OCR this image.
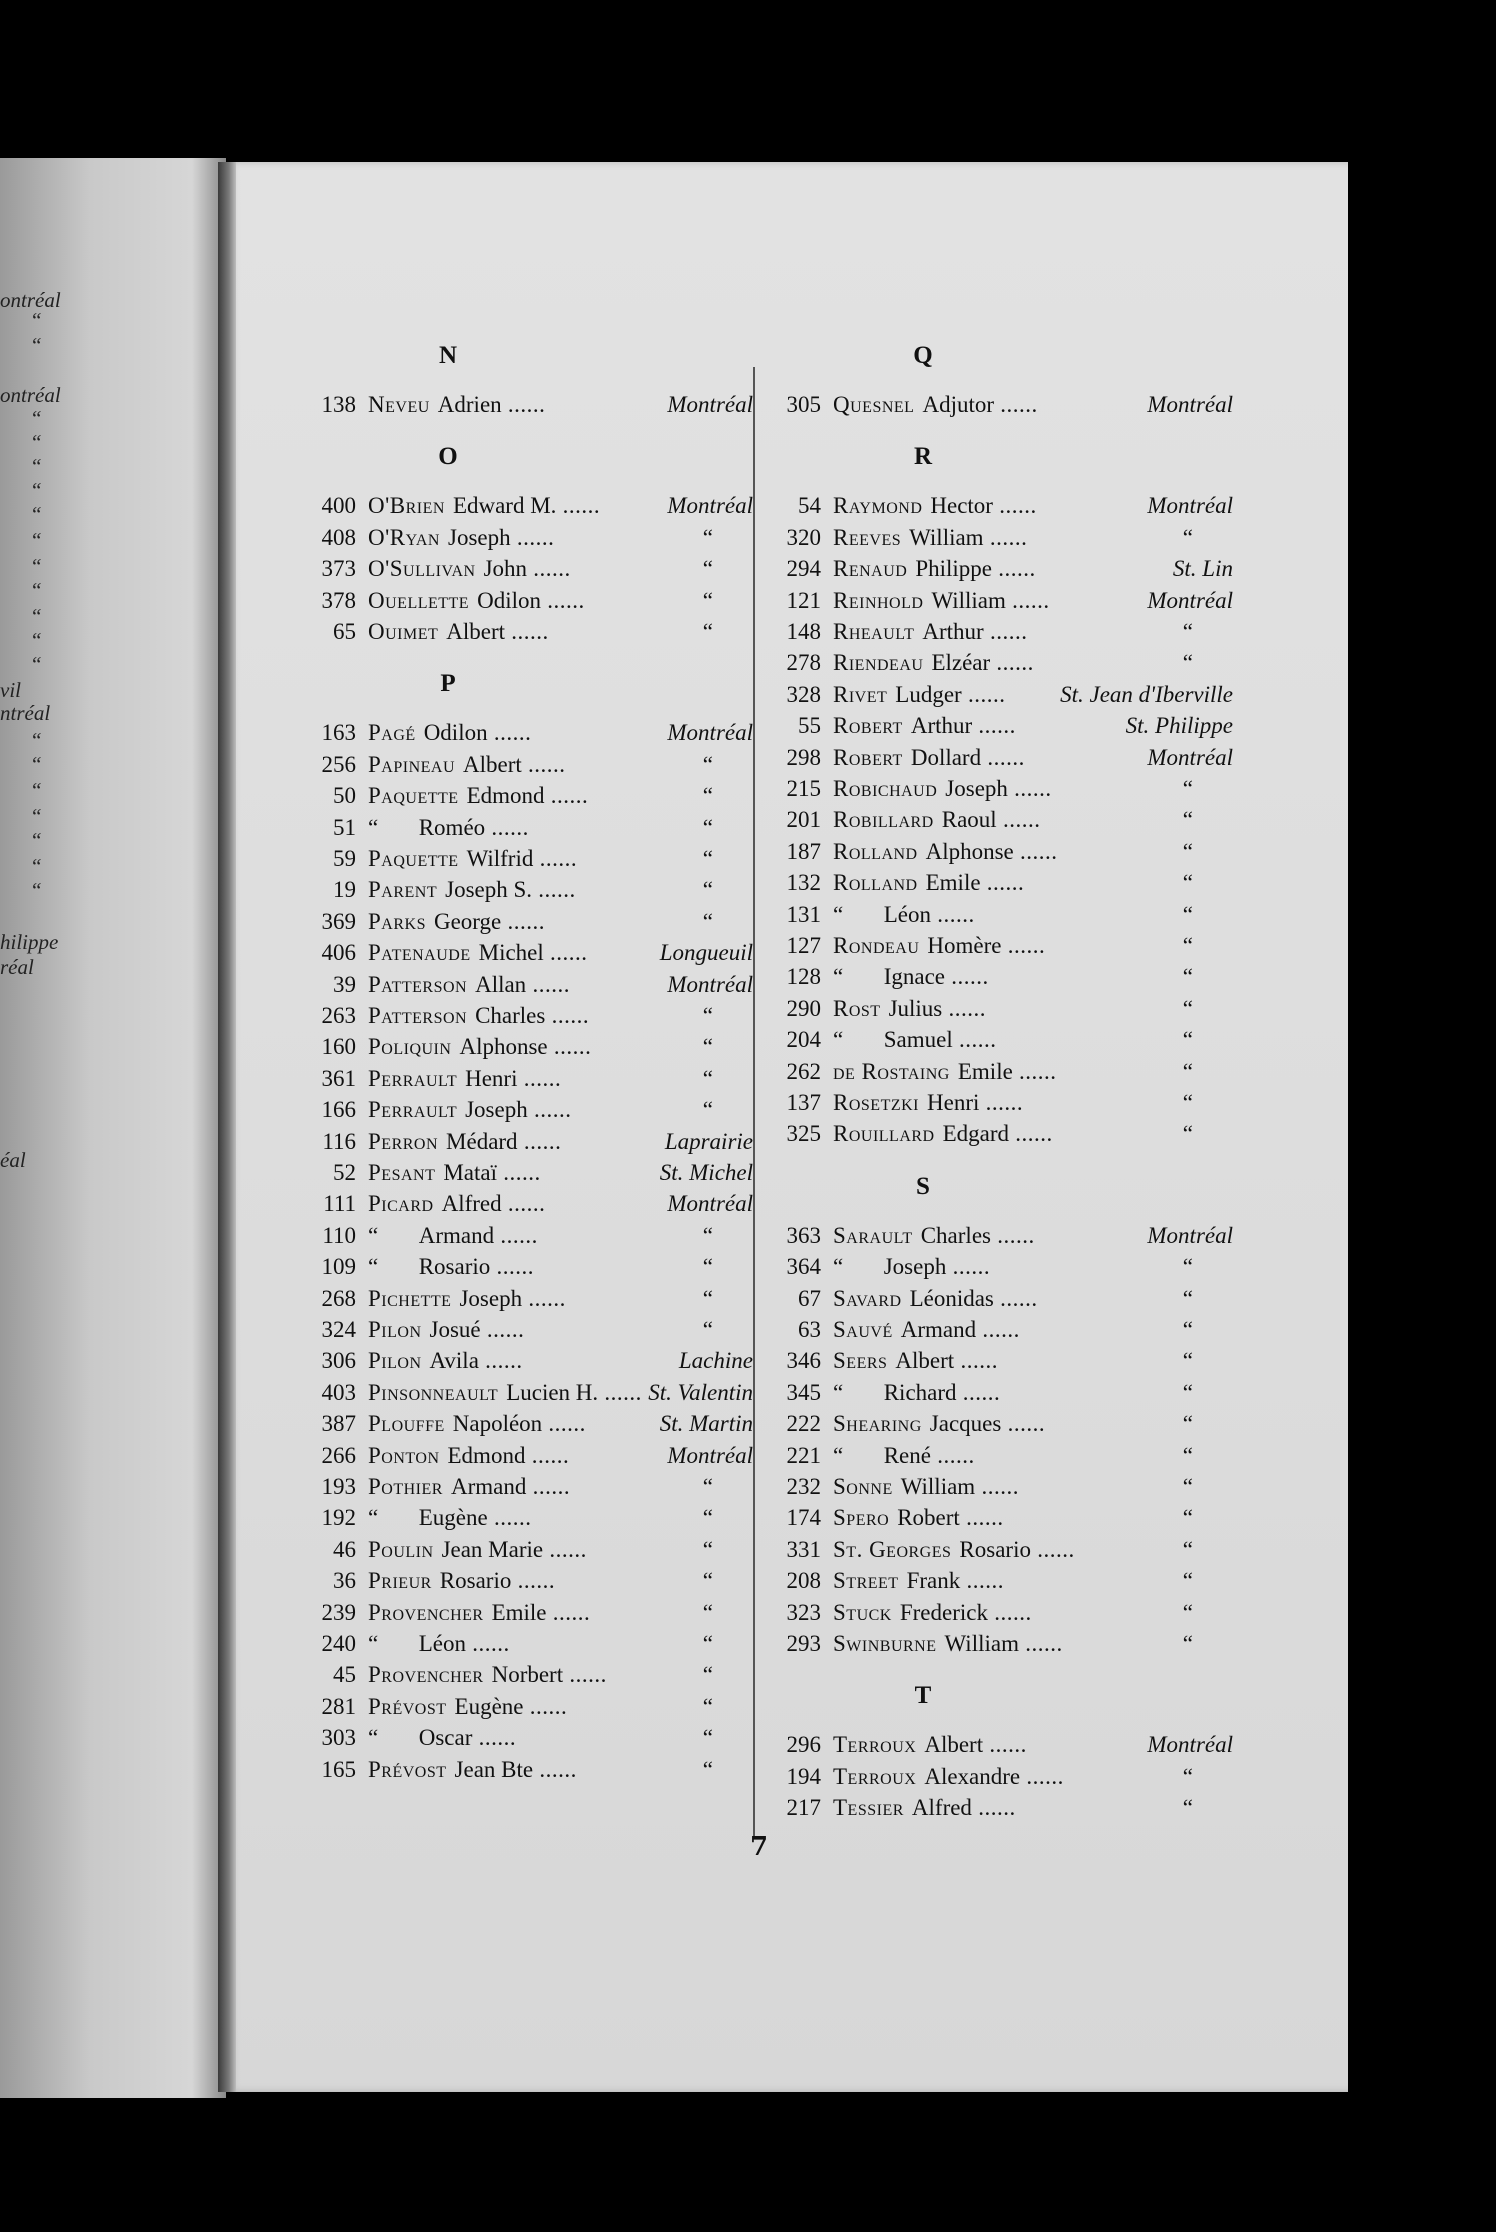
ontréal
“
“
ontréal
“
“
“
“
“
“
“
“
“
“
“
vil
ntréal
“
“
“
“
“
“
“
hilippe
réal
éal
N
138 Neveu Adrien ......	Montréal
O
400 O'Brien Edward M. ......	Montréal
408 O'Ryan Joseph ......	“
373 O'Sullivan John ......	“
378 Ouellette Odilon ......	“
65 Ouimet Albert ......	“
P
163 Pagé Odilon ......	Montréal
256 Papineau Albert ......	“
50 Paquette Edmond ......	“
51 “ Roméo ......	“
59 Paquette Wilfrid ......	“
19 Parent Joseph S. ......	“
369 Parks George ......	“
406 Patenaude Michel ......	Longueuil
39 Patterson Allan ......	Montréal
263 Patterson Charles ......	“
160 Poliquin Alphonse ......	“
361 Perrault Henri ......	“
166 Perrault Joseph ......	“
116 Perron Médard ......	Laprairie
52 Pesant Mataï ......	St. Michel
111 Picard Alfred ......	Montréal
110 “ Armand ......	“
109 “ Rosario ......	“
268 Pichette Joseph ......	“
324 Pilon Josué ......	“
306 Pilon Avila ......	Lachine
403 Pinsonneault Lucien H. ...... St. Valentin
387 Plouffe Napoléon ......	St. Martin
266 Ponton Edmond ......	Montréal
193 Pothier Armand ......	“
192 “ Eugène ......	“
46 Poulin Jean Marie ......	“
36 Prieur Rosario ......	“
239 Provencher Emile ......	“
240 “ Léon ......	“
45 Provencher Norbert ......	“
281 Prévost Eugène ......	“
303 “ Oscar ......	“
165 Prévost Jean Bte ......	“
Q
305 Quesnel Adjutor ......	Montréal
R
54 Raymond Hector ......	Montréal
320 Reeves William ......	“
294 Renaud Philippe ......	St. Lin
121 Reinhold William ......	Montréal
148 Rheault Arthur ......	“
278 Riendeau Elzéar ......	“
328 Rivet Ludger ...... St. Jean d'Iberville
55 Robert Arthur ......	St. Philippe
298 Robert Dollard ......	Montréal
215 Robichaud Joseph ......	“
201 Robillard Raoul ......	“
187 Rolland Alphonse ......	“
132 Rolland Emile ......	“
131 “ Léon ......	“
127 Rondeau Homère ......	“
128 “ Ignace ......	“
290 Rost Julius ......	“
204 “ Samuel ......	“
262 de Rostaing Emile ......	“
137 Rosetzki Henri ......	“
325 Rouillard Edgard ......	“
S
363 Sarault Charles ......	Montréal
364 “ Joseph ......	“
67 Savard Léonidas ......	“
63 Sauvé Armand ......	“
346 Seers Albert ......	“
345 “ Richard ......	“
222 Shearing Jacques ......	“
221 “ René ......	“
232 Sonne William ......	“
174 Spero Robert ......	“
331 St. Georges Rosario ......	“
208 Street Frank ......	“
323 Stuck Frederick ......	“
293 Swinburne William ......	“
T
296 Terroux Albert ......	Montréal
194 Terroux Alexandre ......	“
217 Tessier Alfred ......	“
7
